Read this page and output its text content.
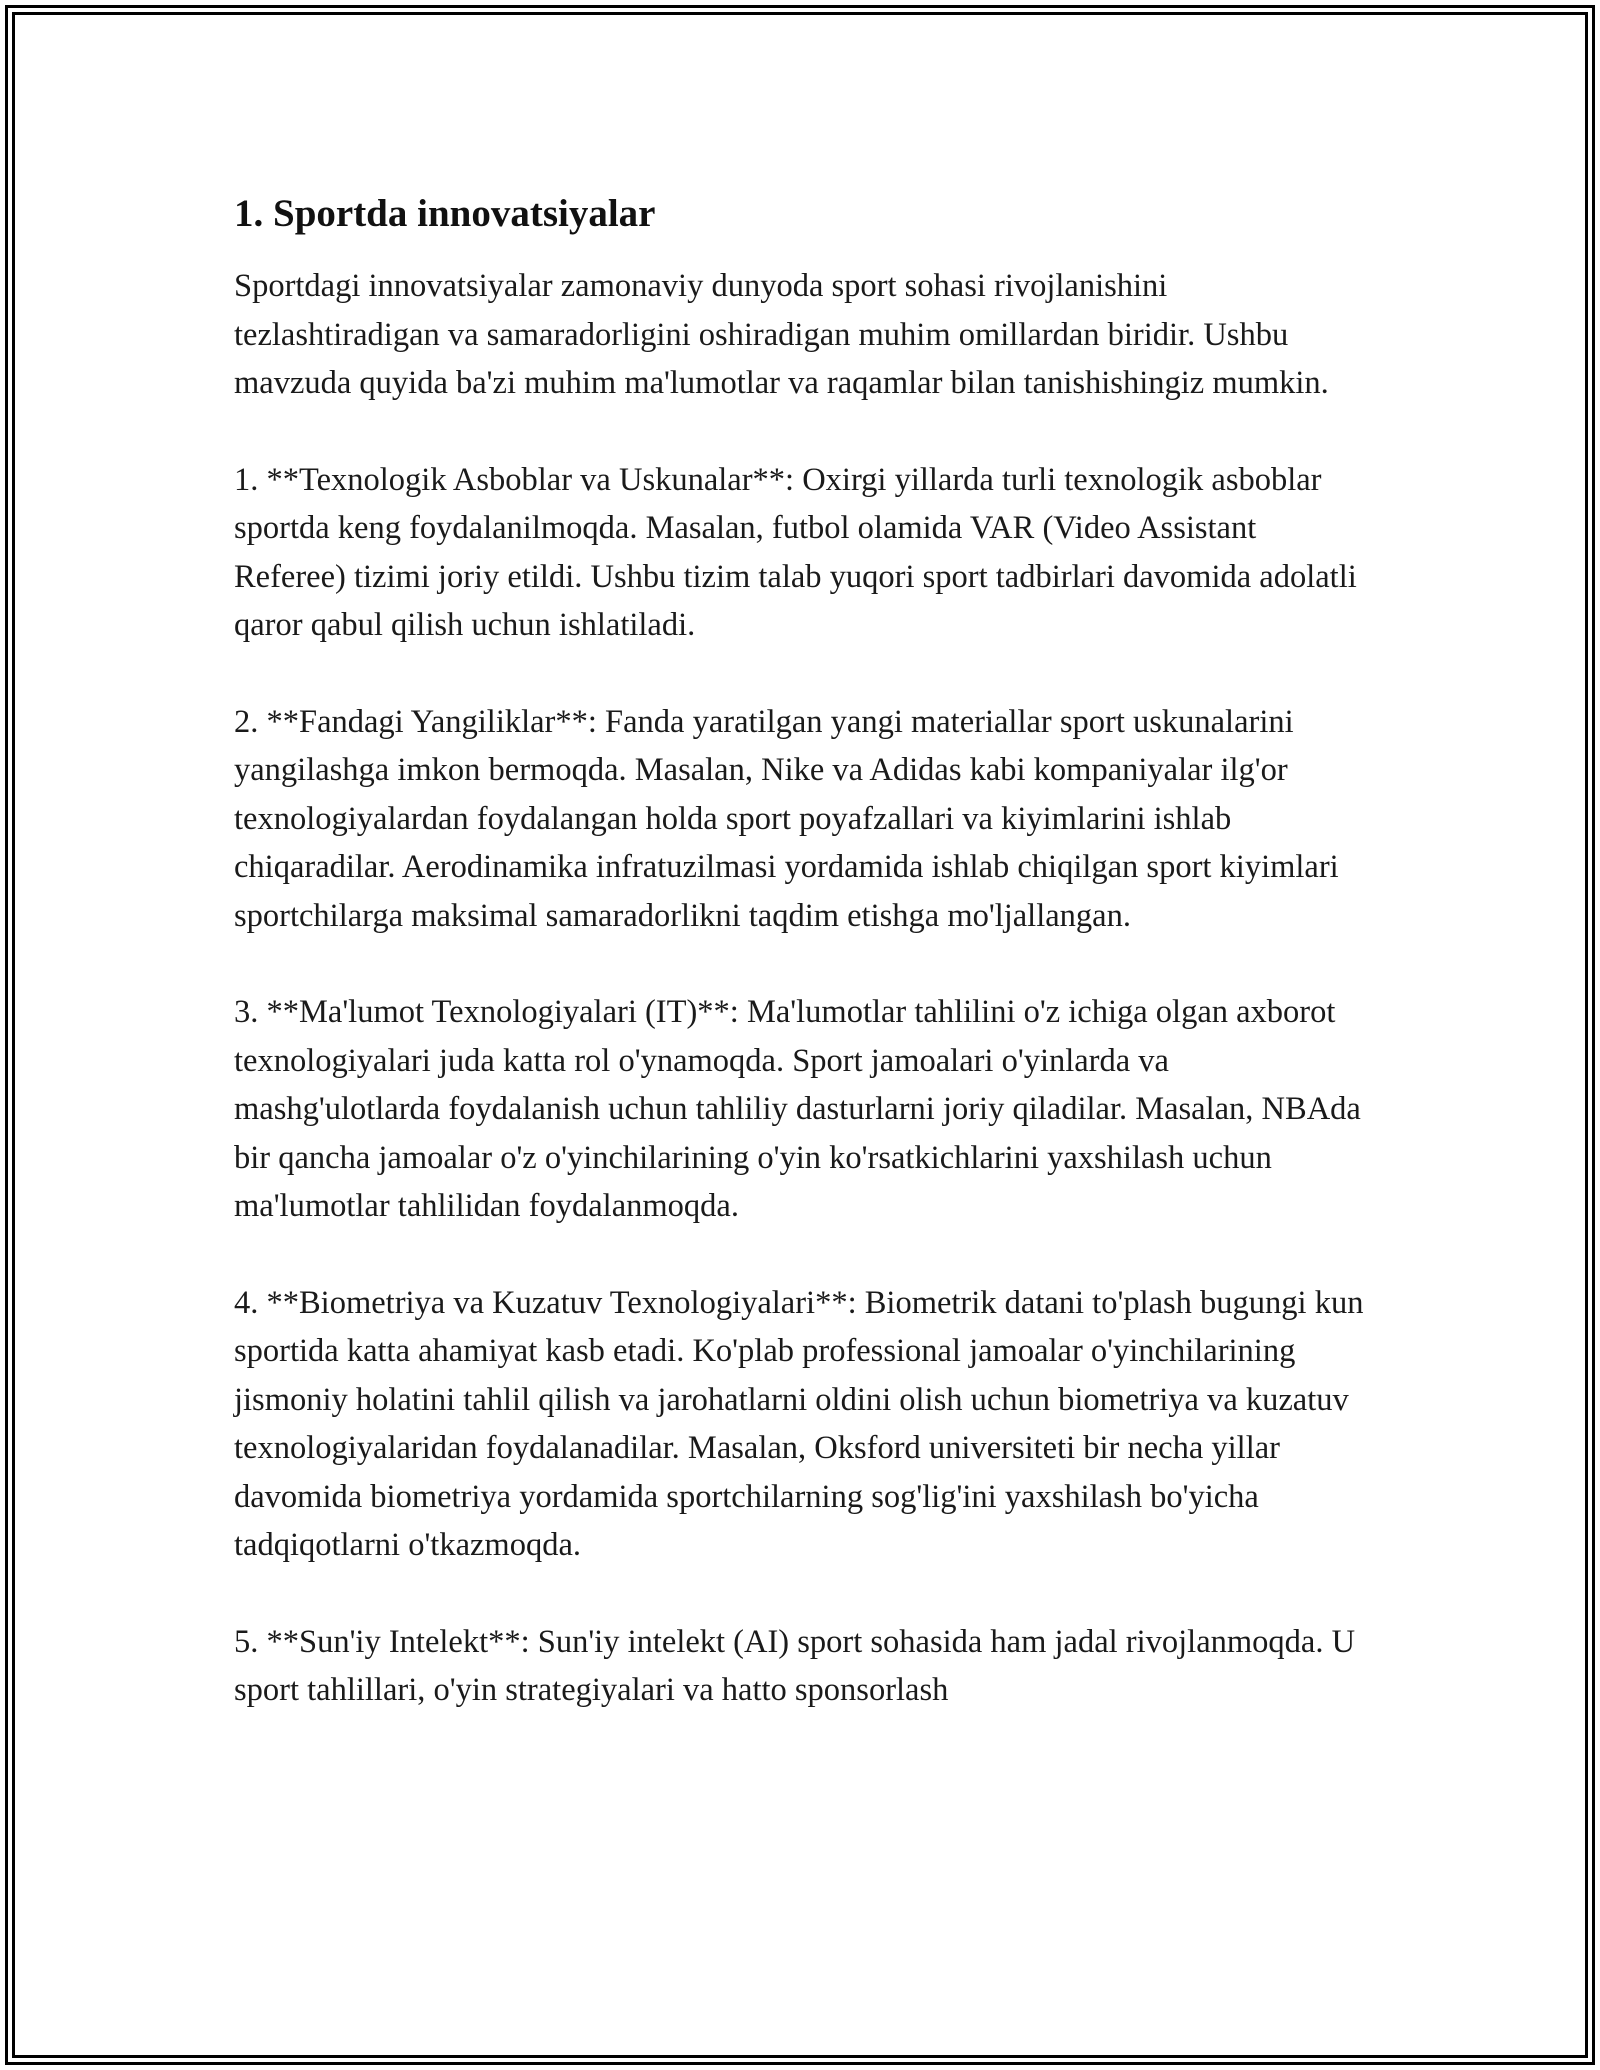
1. Sportda innovatsiyalar

Sportdagi innovatsiyalar zamonaviy dunyoda sport sohasi rivojlanishini tezlashtiradigan va samaradorligini oshiradigan muhim omillardan biridir. Ushbu mavzuda quyida ba'zi muhim ma'lumotlar va raqamlar bilan tanishishingiz mumkin.

1. **Texnologik Asboblar va Uskunalar**: Oxirgi yillarda turli texnologik asboblar sportda keng foydalanilmoqda. Masalan, futbol olamida VAR (Video Assistant Referee) tizimi joriy etildi. Ushbu tizim talab yuqori sport tadbirlari davomida adolatli qaror qabul qilish uchun ishlatiladi.

2. **Fandagi Yangiliklar**: Fanda yaratilgan yangi materiallar sport uskunalarini yangilashga imkon bermoqda. Masalan, Nike va Adidas kabi kompaniyalar ilg'or texnologiyalardan foydalangan holda sport poyafzallari va kiyimlarini ishlab chiqaradilar. Aerodinamika infratuzilmasi yordamida ishlab chiqilgan sport kiyimlari sportchilarga maksimal samaradorlikni taqdim etishga mo'ljallangan.

3. **Ma'lumot Texnologiyalari (IT)**: Ma'lumotlar tahlilini o'z ichiga olgan axborot texnologiyalari juda katta rol o'ynamoqda. Sport jamoalari o'yinlarda va mashg'ulotlarda foydalanish uchun tahliliy dasturlarni joriy qiladilar. Masalan, NBAda bir qancha jamoalar o'z o'yinchilarining o'yin ko'rsatkichlarini yaxshilash uchun ma'lumotlar tahlilidan foydalanmoqda.

4. **Biometriya va Kuzatuv Texnologiyalari**: Biometrik datani to'plash bugungi kun sportida katta ahamiyat kasb etadi. Ko'plab professional jamoalar o'yinchilarining jismoniy holatini tahlil qilish va jarohatlarni oldini olish uchun biometriya va kuzatuv texnologiyalaridan foydalanadilar. Masalan, Oksford universiteti bir necha yillar davomida biometriya yordamida sportchilarning sog'lig'ini yaxshilash bo'yicha tadqiqotlarni o'tkazmoqda.

5. **Sun'iy Intelekt**: Sun'iy intelekt (AI) sport sohasida ham jadal rivojlanmoqda. U sport tahlillari, o'yin strategiyalari va hatto sponsorlash
